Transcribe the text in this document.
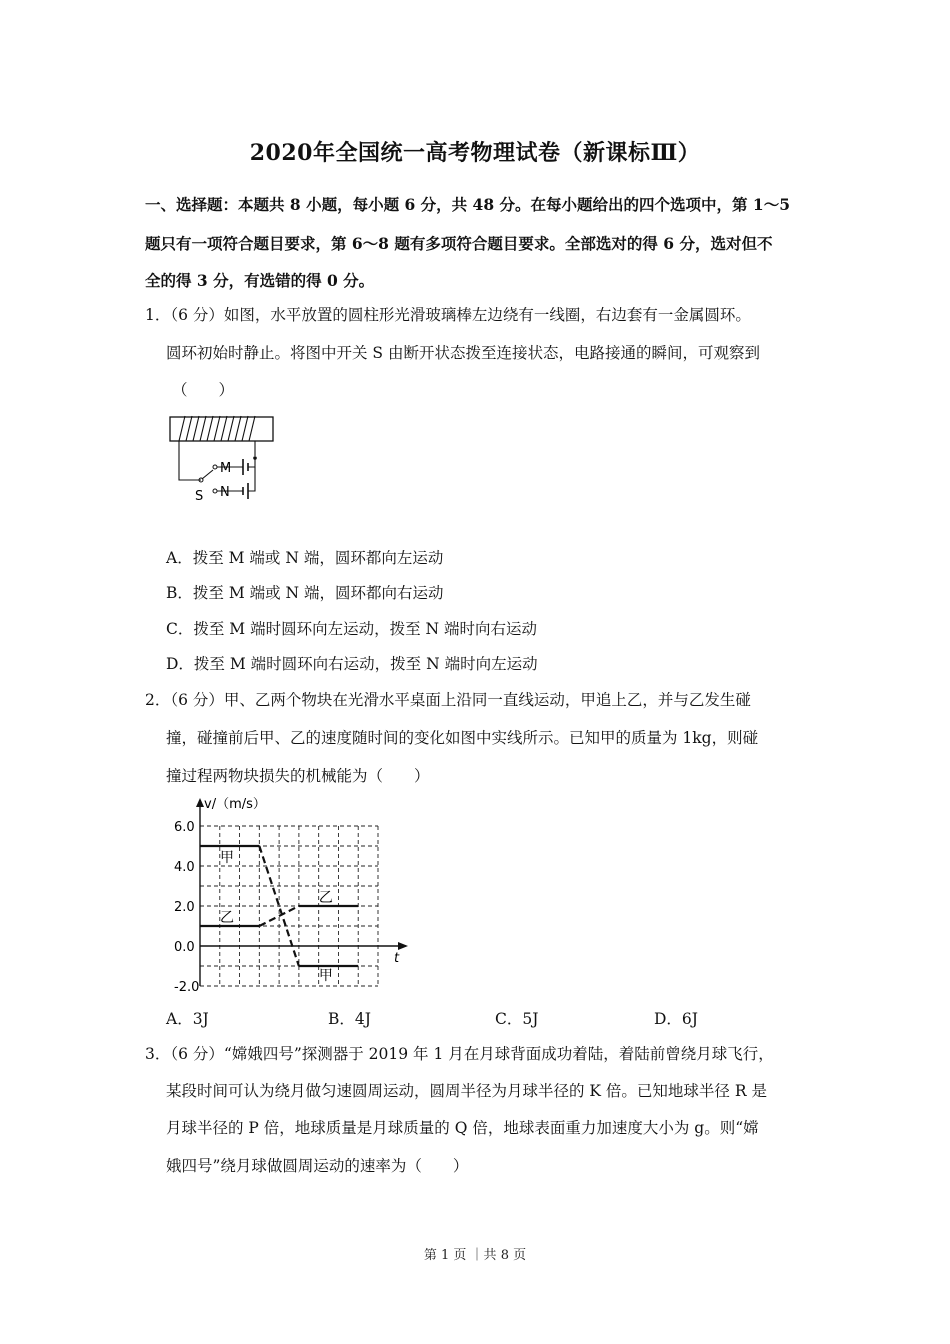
2020年全国统一高考物理试卷（新课标Ⅲ）
一、选择题：本题共 8 小题，每小题 6 分，共 48 分。在每小题给出的四个选项中，第 1～5
题只有一项符合题目要求，第 6～8 题有多项符合题目要求。全部选对的得 6 分，选对但不
全的得 3 分，有选错的得 0 分。
1．（6 分）如图，水平放置的圆柱形光滑玻璃棒左边绕有一线圈，右边套有一金属圆环。
圆环初始时静止。将图中开关 S 由断开状态拨至连接状态，电路接通的瞬间，可观察到
（　　）
M
N
S
A．拨至 M 端或 N 端，圆环都向左运动
B．拨至 M 端或 N 端，圆环都向右运动
C．拨至 M 端时圆环向左运动，拨至 N 端时向右运动
D．拨至 M 端时圆环向右运动，拨至 N 端时向左运动
2．（6 分）甲、乙两个物块在光滑水平桌面上沿同一直线运动，甲追上乙，并与乙发生碰
撞，碰撞前后甲、乙的速度随时间的变化如图中实线所示。已知甲的质量为 1kg，则碰
撞过程两物块损失的机械能为（　　）
6.0
4.0
2.0
0.0
-2.0
甲
甲
乙
乙
v/（m/s）
t
A．3J	B．4J	C．5J	D．6J
3．（6 分）“嫦娥四号”探测器于 2019 年 1 月在月球背面成功着陆，着陆前曾绕月球飞行，
某段时间可认为绕月做匀速圆周运动，圆周半径为月球半径的 K 倍。已知地球半径 R 是
月球半径的 P 倍，地球质量是月球质量的 Q 倍，地球表面重力加速度大小为 g。则“嫦
娥四号”绕月球做圆周运动的速率为（　　）
第 1 页 ｜共 8 页
